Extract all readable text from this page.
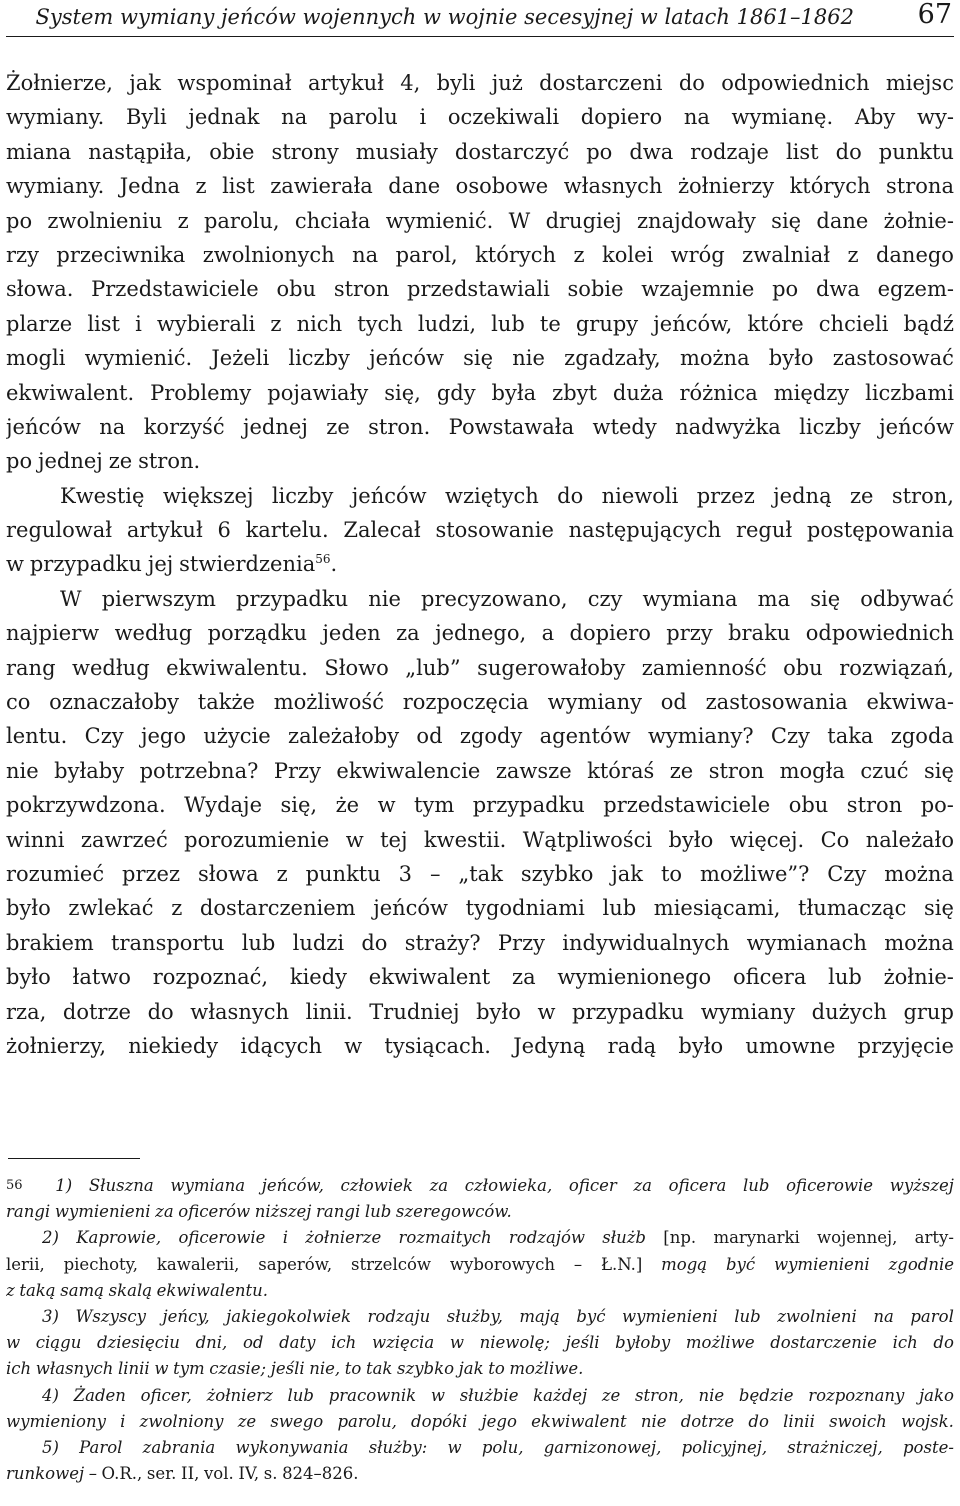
System wymiany jeńców wojennych w wojnie secesyjnej w latach 1861–1862 67
Żołnierze, jak wspominał artykuł 4, byli już dostarczeni do odpowiednich miejsc
wymiany. Byli jednak na parolu i oczekiwali dopiero na wymianę. Aby wy-
miana nastąpiła, obie strony musiały dostarczyć po dwa rodzaje list do punktu
wymiany. Jedna z list zawierała dane osobowe własnych żołnierzy których strona
po zwolnieniu z parolu, chciała wymienić. W drugiej znajdowały się dane żołnie-
rzy przeciwnika zwolnionych na parol, których z kolei wróg zwalniał z danego
słowa. Przedstawiciele obu stron przedstawiali sobie wzajemnie po dwa egzem-
plarze list i wybierali z nich tych ludzi, lub te grupy jeńców, które chcieli bądź
mogli wymienić. Jeżeli liczby jeńców się nie zgadzały, można było zastosować
ekwiwalent. Problemy pojawiały się, gdy była zbyt duża różnica między liczbami
jeńców na korzyść jednej ze stron. Powstawała wtedy nadwyżka liczby jeńców
po jednej ze stron.
Kwestię większej liczby jeńców wziętych do niewoli przez jedną ze stron,
regulował artykuł 6 kartelu. Zalecał stosowanie następujących reguł postępowania
w przypadku jej stwierdzenia$^{56}$.
W pierwszym przypadku nie precyzowano, czy wymiana ma się odbywać
najpierw według porządku jeden za jednego, a dopiero przy braku odpowiednich
rang według ekwiwalentu. Słowo „lub” sugerowałoby zamienność obu rozwiązań,
co oznaczałoby także możliwość rozpoczęcia wymiany od zastosowania ekwiwa-
lentu. Czy jego użycie zależałoby od zgody agentów wymiany? Czy taka zgoda
nie byłaby potrzebna? Przy ekwiwalencie zawsze któraś ze stron mogła czuć się
pokrzywdzona. Wydaje się, że w tym przypadku przedstawiciele obu stron po-
winni zawrzeć porozumienie w tej kwestii. Wątpliwości było więcej. Co należało
rozumieć przez słowa z punktu 3 – „tak szybko jak to możliwe”? Czy można
było zwlekać z dostarczeniem jeńców tygodniami lub miesiącami, tłumacząc się
brakiem transportu lub ludzi do straży? Przy indywidualnych wymianach można
było łatwo rozpoznać, kiedy ekwiwalent za wymienionego oficera lub żołnie-
rza, dotrze do własnych linii. Trudniej było w przypadku wymiany dużych grup
żołnierzy, niekiedy idących w tysiącach. Jedyną radą było umowne przyjęcie
56 1) Słuszna wymiana jeńców, człowiek za człowieka, oficer za oficera lub oficerowie wyższej
rangi wymienieni za oficerów niższej rangi lub szeregowców.
2) Kaprowie, oficerowie i żołnierze rozmaitych rodzajów służb [np. marynarki wojennej, arty-
lerii, piechoty, kawalerii, saperów, strzelców wyborowych – Ł.N.] mogą być wymienieni zgodnie
z taką samą skalą ekwiwalentu.
3) Wszyscy jeńcy, jakiegokolwiek rodzaju służby, mają być wymienieni lub zwolnieni na parol
w ciągu dziesięciu dni, od daty ich wzięcia w niewolę; jeśli byłoby możliwe dostarczenie ich do
ich własnych linii w tym czasie; jeśli nie, to tak szybko jak to możliwe.
4) Żaden oficer, żołnierz lub pracownik w służbie każdej ze stron, nie będzie rozpoznany jako
wymieniony i zwolniony ze swego parolu, dopóki jego ekwiwalent nie dotrze do linii swoich wojsk.
5) Parol zabrania wykonywania służby: w polu, garnizonowej, policyjnej, strażniczej, poste-
runkowej – O.R., ser. II, vol. IV, s. 824–826.
